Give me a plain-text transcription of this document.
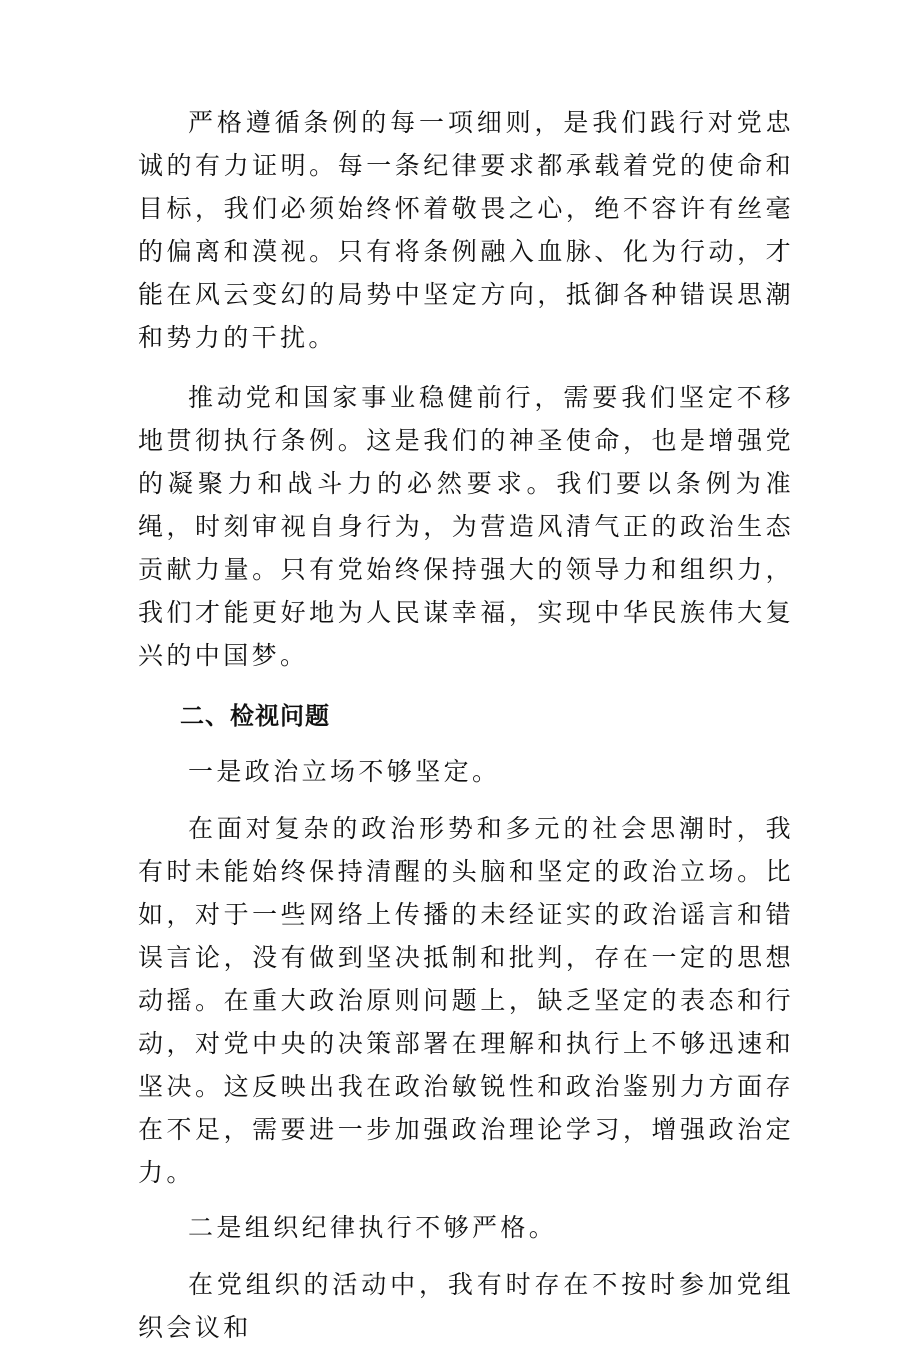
严格遵循条例的每一项细则，是我们践行对党忠诚的有力证明。每一条纪律要求都承载着党的使命和目标，我们必须始终怀着敬畏之心，绝不容许有丝毫的偏离和漠视。只有将条例融入血脉、化为行动，才能在风云变幻的局势中坚定方向，抵御各种错误思潮和势力的干扰。

推动党和国家事业稳健前行，需要我们坚定不移地贯彻执行条例。这是我们的神圣使命，也是增强党的凝聚力和战斗力的必然要求。我们要以条例为准绳，时刻审视自身行为，为营造风清气正的政治生态贡献力量。只有党始终保持强大的领导力和组织力，我们才能更好地为人民谋幸福，实现中华民族伟大复兴的中国梦。

二、检视问题

一是政治立场不够坚定。

在面对复杂的政治形势和多元的社会思潮时，我有时未能始终保持清醒的头脑和坚定的政治立场。比如，对于一些网络上传播的未经证实的政治谣言和错误言论，没有做到坚决抵制和批判，存在一定的思想动摇。在重大政治原则问题上，缺乏坚定的表态和行动，对党中央的决策部署在理解和执行上不够迅速和坚决。这反映出我在政治敏锐性和政治鉴别力方面存在不足，需要进一步加强政治理论学习，增强政治定力。

二是组织纪律执行不够严格。

在党组织的活动中，我有时存在不按时参加党组织会议和
